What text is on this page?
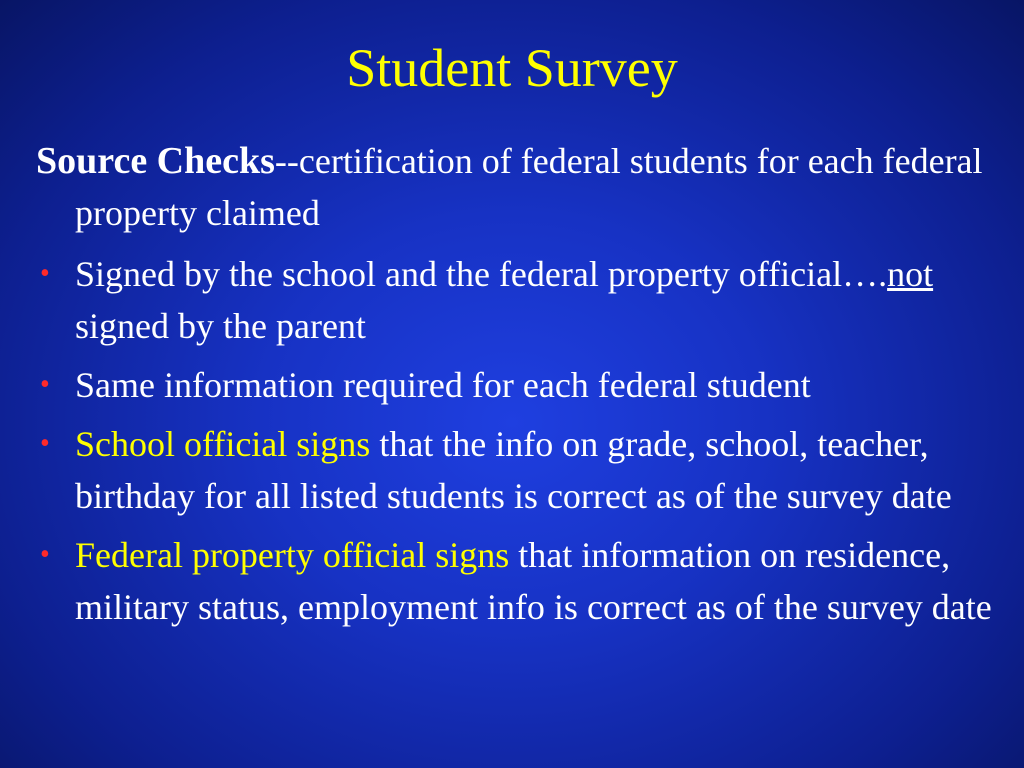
Student Survey

Source Checks--certification of federal students for each federal property claimed

• Signed by the school and the federal property official….not signed by the parent
• Same information required for each federal student
• School official signs that the info on grade, school, teacher, birthday for all listed students is correct as of the survey date
• Federal property official signs that information on residence, military status, employment info is correct as of the survey date
